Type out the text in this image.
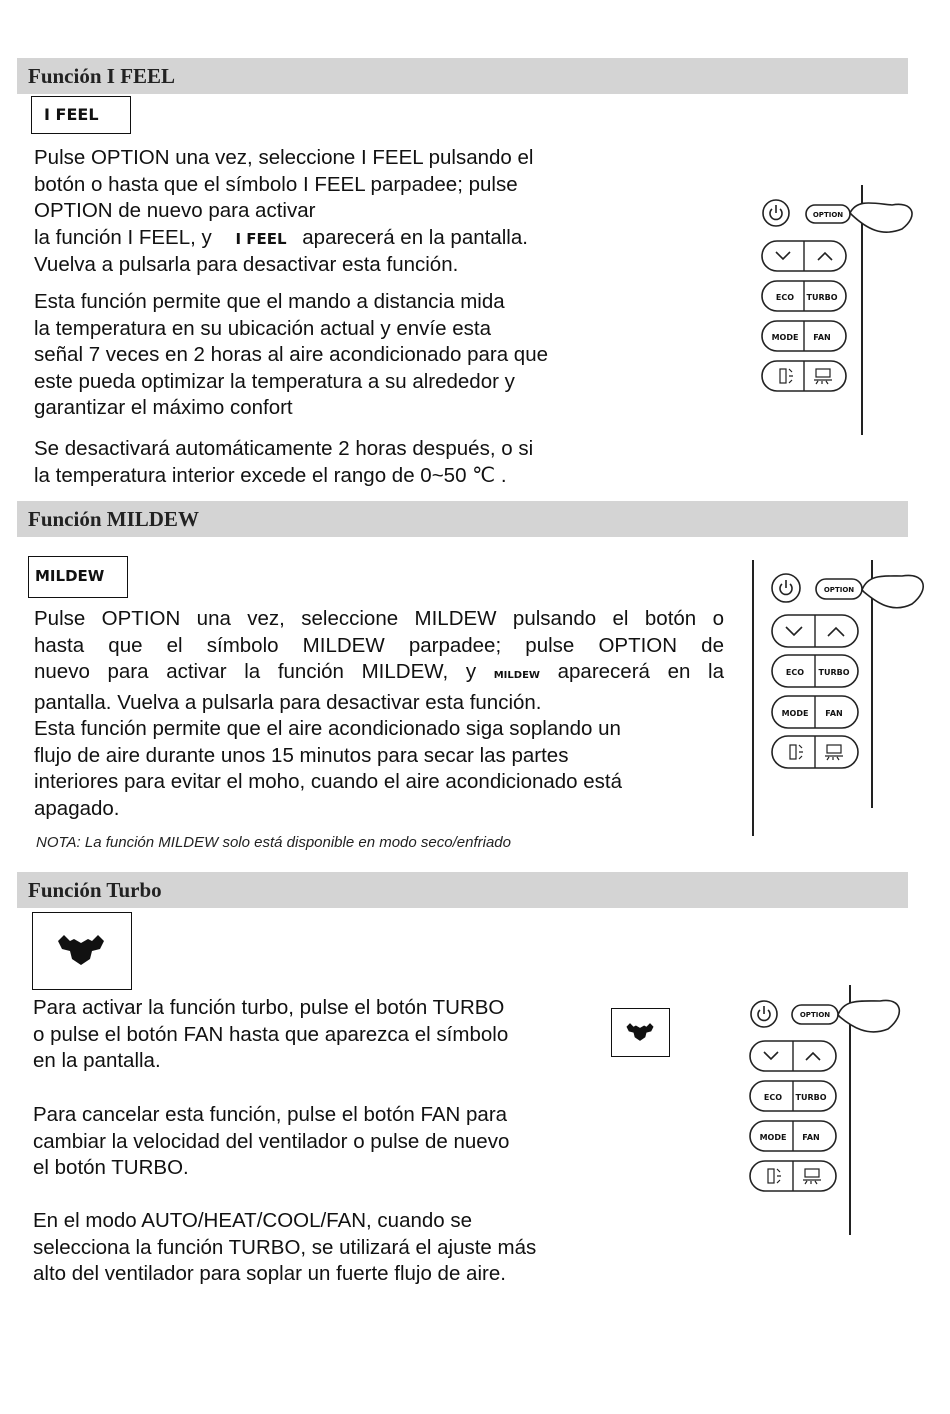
Función I FEEL
I FEEL
Pulse OPTION una vez, seleccione I FEEL pulsando el
botón o hasta que el símbolo I FEEL parpadee; pulse
OPTION de nuevo para activar
la función I FEEL, y I FEEL aparecerá en la pantalla.
Vuelva a pulsarla para desactivar esta función.
Esta función permite que el mando a distancia mida
la temperatura en su ubicación actual y envíe esta
señal 7 veces en 2 horas al aire acondicionado para que
este pueda optimizar la temperatura a su alrededor y
garantizar el máximo confort
Se desactivará automáticamente 2 horas después, o si
la temperatura interior excede el rango de 0~50 ℃ .
OPTION
ECO TURBO
MODE FAN
Función MILDEW
MILDEW
Pulse OPTION una vez, seleccione MILDEW pulsando el botón o
hasta que el símbolo MILDEW parpadee; pulse OPTION de
nuevo para activar la función MILDEW, y MILDEW aparecerá en la
pantalla. Vuelva a pulsarla para desactivar esta función.
Esta función permite que el aire acondicionado siga soplando un
flujo de aire durante unos 15 minutos para secar las partes
interiores para evitar el moho, cuando el aire acondicionado está
apagado.
NOTA: La función MILDEW solo está disponible en modo seco/enfriado
OPTION
ECO TURBO
MODE FAN
Función Turbo
Para activar la función turbo, pulse el botón TURBO
o pulse el botón FAN hasta que aparezca el símbolo
en la pantalla.
Para cancelar esta función, pulse el botón FAN para
cambiar la velocidad del ventilador o pulse de nuevo
el botón TURBO.
En el modo AUTO/HEAT/COOL/FAN, cuando se
selecciona la función TURBO, se utilizará el ajuste más
alto del ventilador para soplar un fuerte flujo de aire.
OPTION
ECO TURBO
MODE FAN
